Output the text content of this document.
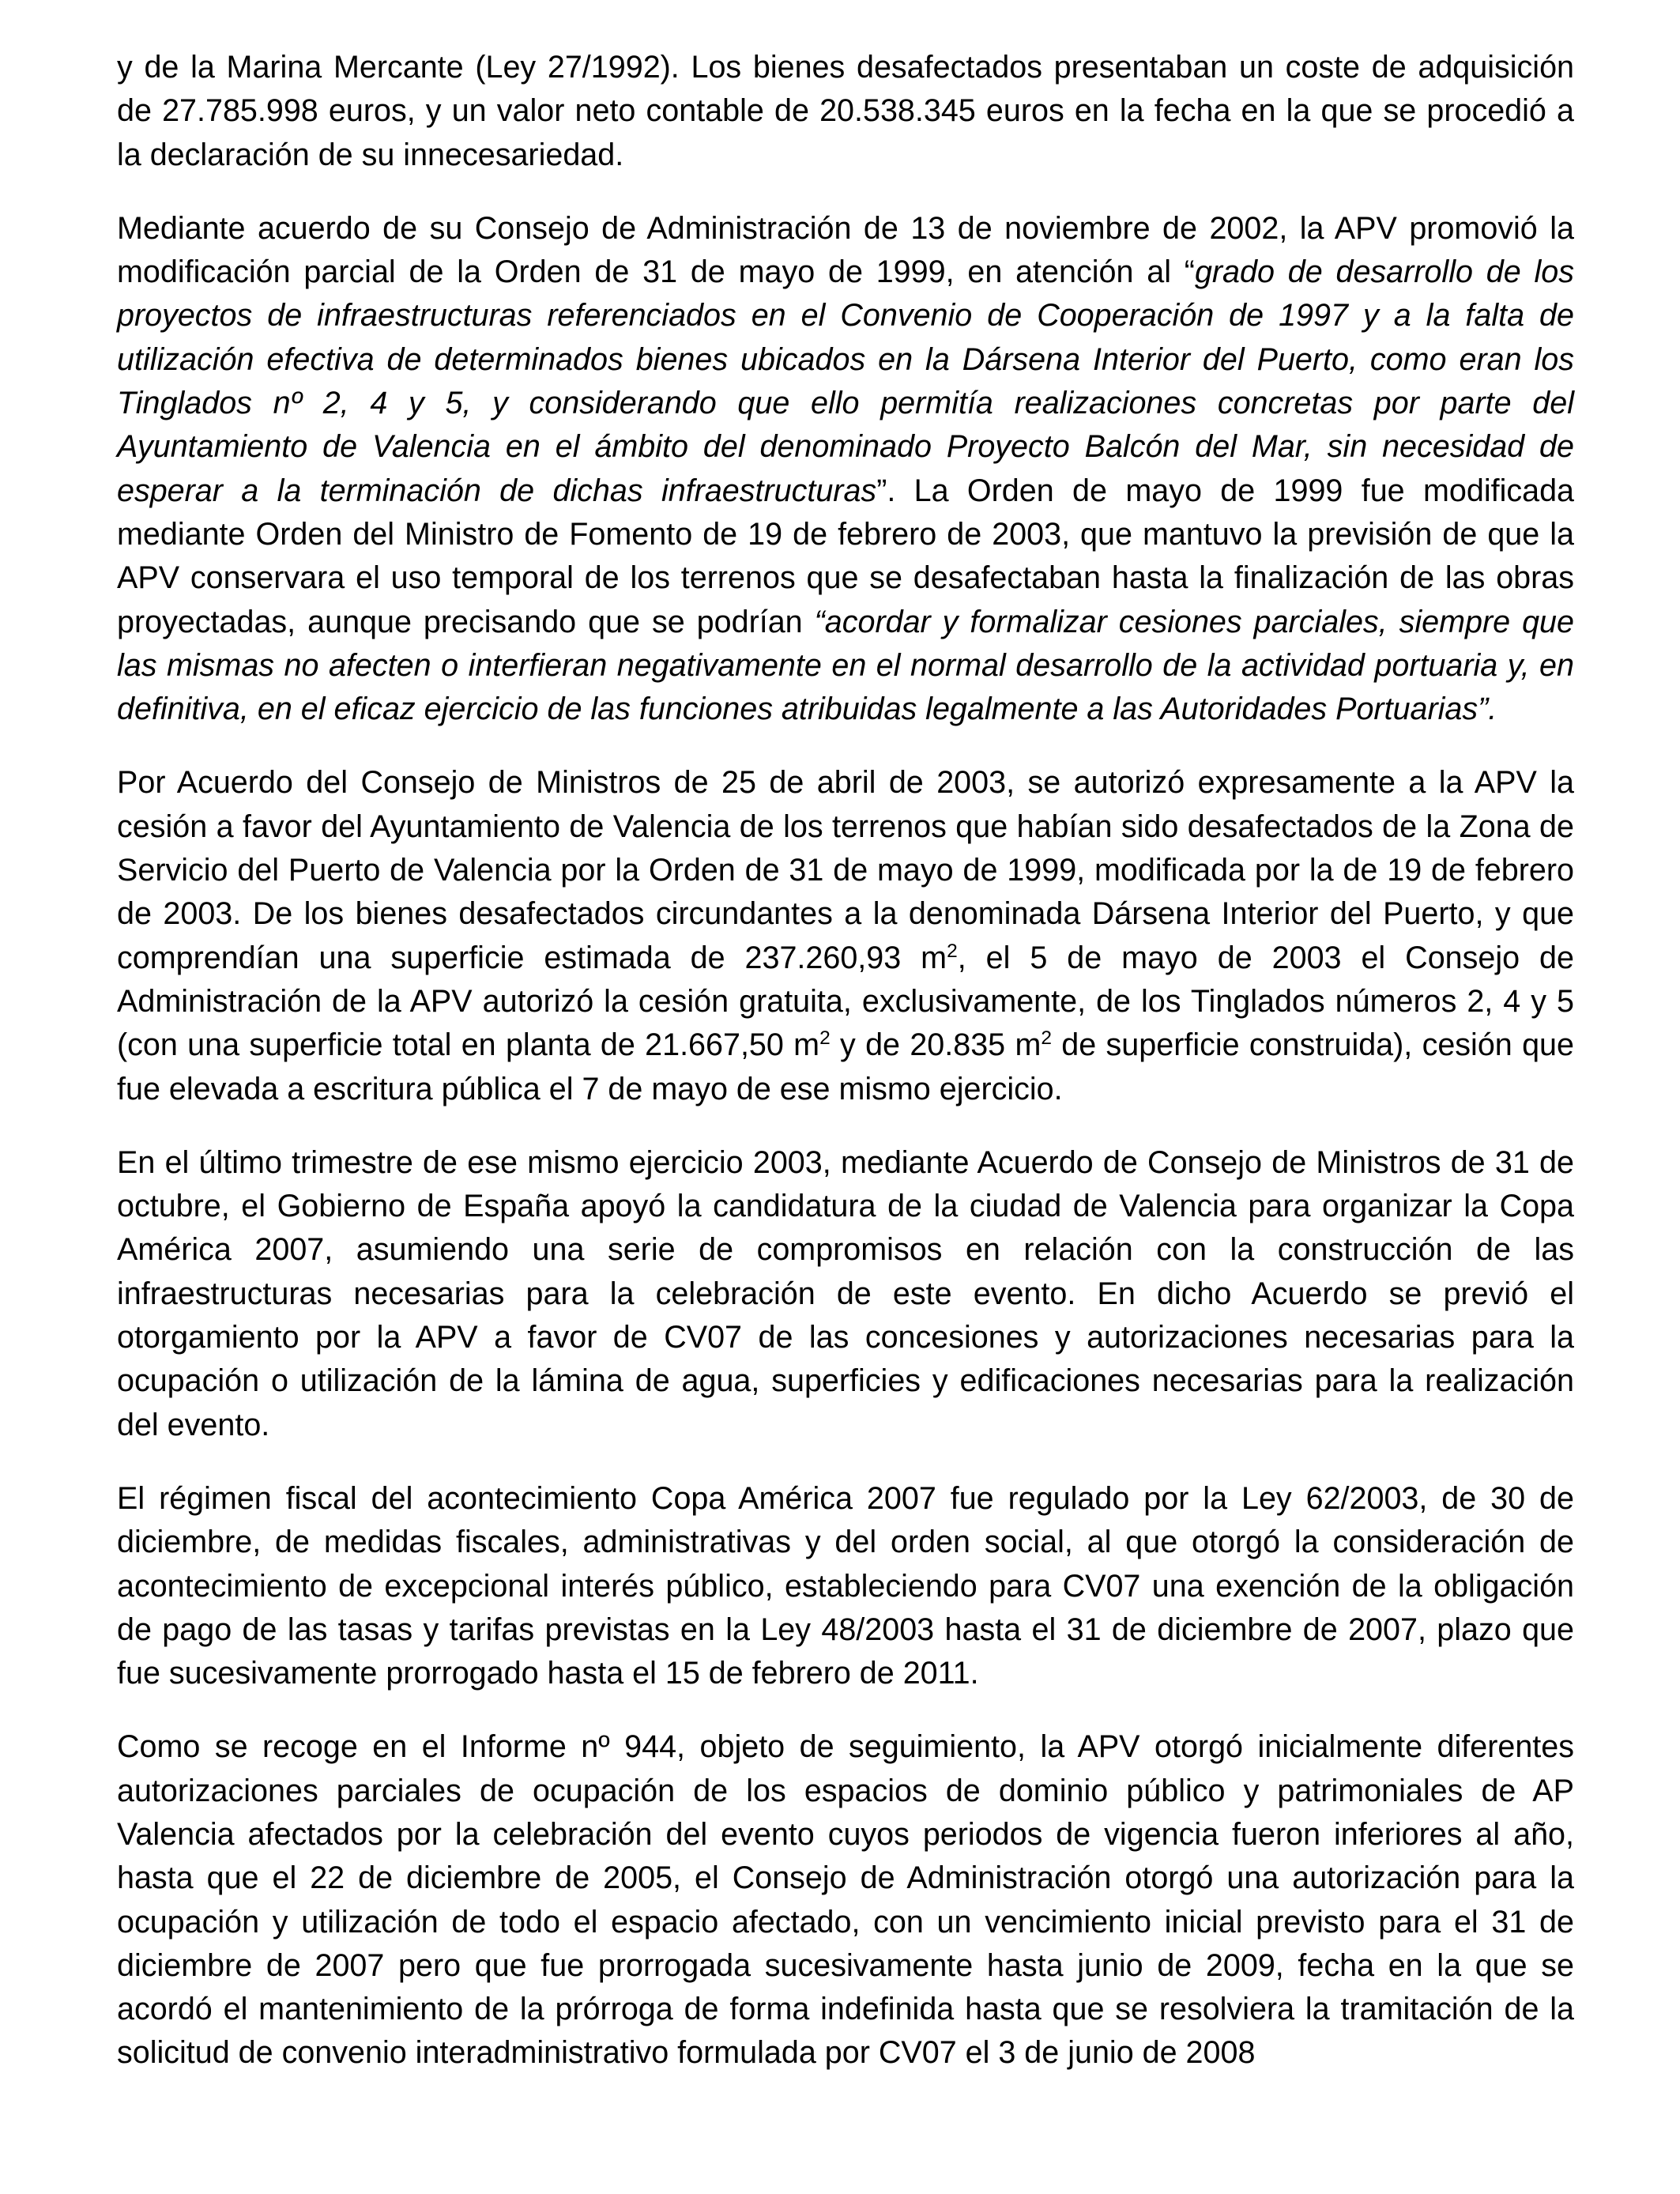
y de la Marina Mercante (Ley 27/1992). Los bienes desafectados presentaban un coste de adquisición de 27.785.998 euros, y un valor neto contable de 20.538.345 euros en la fecha en la que se procedió a la declaración de su innecesariedad.

Mediante acuerdo de su Consejo de Administración de 13 de noviembre de 2002, la APV promovió la modificación parcial de la Orden de 31 de mayo de 1999, en atención al “grado de desarrollo de los proyectos de infraestructuras referenciados en el Convenio de Cooperación de 1997 y a la falta de utilización efectiva de determinados bienes ubicados en la Dársena Interior del Puerto, como eran los Tinglados nº 2, 4 y 5, y considerando que ello permitía realizaciones concretas por parte del Ayuntamiento de Valencia en el ámbito del denominado Proyecto Balcón del Mar, sin necesidad de esperar a la terminación de dichas infraestructuras”. La Orden de mayo de 1999 fue modificada mediante Orden del Ministro de Fomento de 19 de febrero de 2003, que mantuvo la previsión de que la APV conservara el uso temporal de los terrenos que se desafectaban hasta la finalización de las obras proyectadas, aunque precisando que se podrían “acordar y formalizar cesiones parciales, siempre que las mismas no afecten o interfieran negativamente en el normal desarrollo de la actividad portuaria y, en definitiva, en el eficaz ejercicio de las funciones atribuidas legalmente a las Autoridades Portuarias”.

Por Acuerdo del Consejo de Ministros de 25 de abril de 2003, se autorizó expresamente a la APV la cesión a favor del Ayuntamiento de Valencia de los terrenos que habían sido desafectados de la Zona de Servicio del Puerto de Valencia por la Orden de 31 de mayo de 1999, modificada por la de 19 de febrero de 2003. De los bienes desafectados circundantes a la denominada Dársena Interior del Puerto, y que comprendían una superficie estimada de 237.260,93 $m^2$, el 5 de mayo de 2003 el Consejo de Administración de la APV autorizó la cesión gratuita, exclusivamente, de los Tinglados números 2, 4 y 5 (con una superficie total en planta de 21.667,50 $m^2$ y de 20.835 $m^2$ de superficie construida), cesión que fue elevada a escritura pública el 7 de mayo de ese mismo ejercicio.

En el último trimestre de ese mismo ejercicio 2003, mediante Acuerdo de Consejo de Ministros de 31 de octubre, el Gobierno de España apoyó la candidatura de la ciudad de Valencia para organizar la Copa América 2007, asumiendo una serie de compromisos en relación con la construcción de las infraestructuras necesarias para la celebración de este evento. En dicho Acuerdo se previó el otorgamiento por la APV a favor de CV07 de las concesiones y autorizaciones necesarias para la ocupación o utilización de la lámina de agua, superficies y edificaciones necesarias para la realización del evento.

El régimen fiscal del acontecimiento Copa América 2007 fue regulado por la Ley 62/2003, de 30 de diciembre, de medidas fiscales, administrativas y del orden social, al que otorgó la consideración de acontecimiento de excepcional interés público, estableciendo para CV07 una exención de la obligación de pago de las tasas y tarifas previstas en la Ley 48/2003 hasta el 31 de diciembre de 2007, plazo que fue sucesivamente prorrogado hasta el 15 de febrero de 2011.

Como se recoge en el Informe nº 944, objeto de seguimiento, la APV otorgó inicialmente diferentes autorizaciones parciales de ocupación de los espacios de dominio público y patrimoniales de AP Valencia afectados por la celebración del evento cuyos periodos de vigencia fueron inferiores al año, hasta que el 22 de diciembre de 2005, el Consejo de Administración otorgó una autorización para la ocupación y utilización de todo el espacio afectado, con un vencimiento inicial previsto para el 31 de diciembre de 2007 pero que fue prorrogada sucesivamente hasta junio de 2009, fecha en la que se acordó el mantenimiento de la prórroga de forma indefinida hasta que se resolviera la tramitación de la solicitud de convenio interadministrativo formulada por CV07 el 3 de junio de 2008
